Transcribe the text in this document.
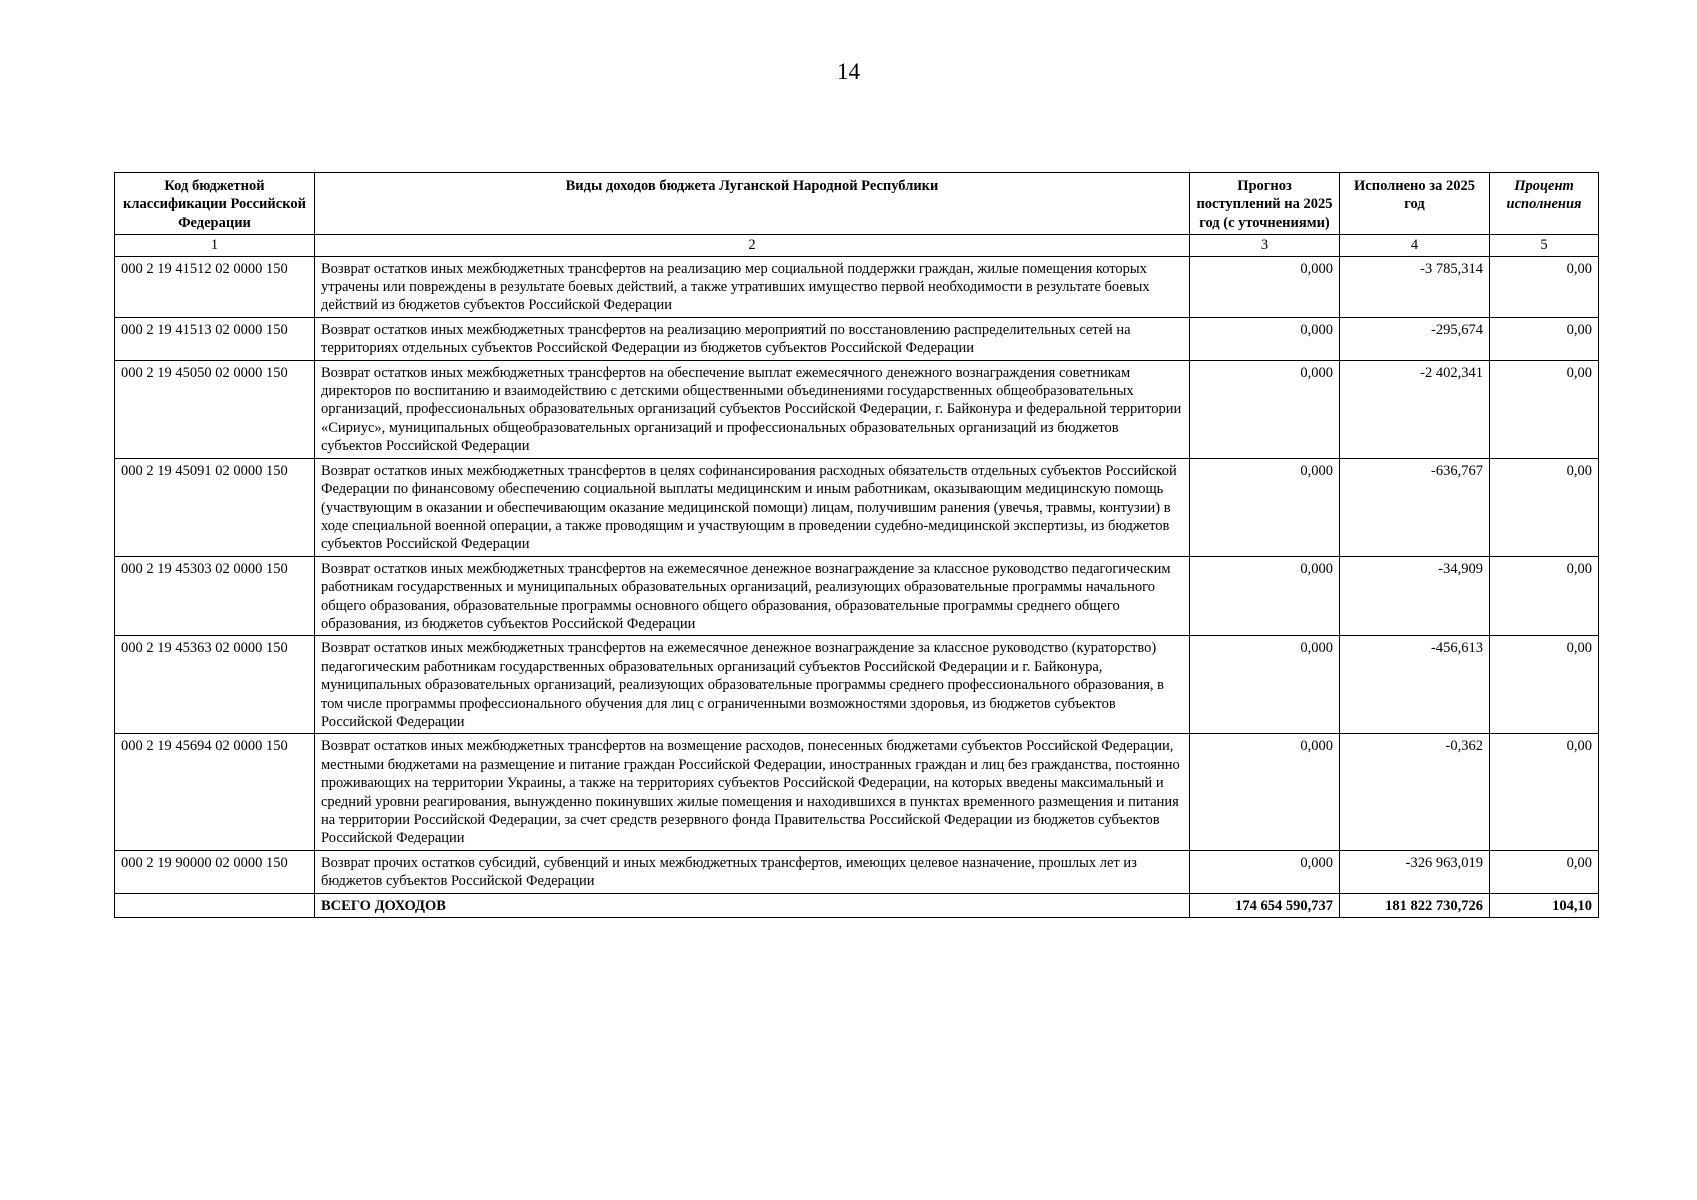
14
Код бюджетной классификации Российской Федерации	Виды доходов бюджета Луганской Народной Республики	Прогноз поступлений на 2025 год (с уточнениями)	Исполнено за 2025 год	Процент исполнения
1	2	3	4	5
000 2 19 41512 02 0000 150	Возврат остатков иных межбюджетных трансфертов на реализацию мер социальной поддержки граждан, жилые помещения которых утрачены или повреждены в результате боевых действий, а также утративших имущество первой необходимости в результате боевых действий из бюджетов субъектов Российской Федерации	0,000	-3 785,314	0,00
000 2 19 41513 02 0000 150	Возврат остатков иных межбюджетных трансфертов на реализацию мероприятий по восстановлению распределительных сетей на территориях отдельных субъектов Российской Федерации из бюджетов субъектов Российской Федерации	0,000	-295,674	0,00
000 2 19 45050 02 0000 150	Возврат остатков иных межбюджетных трансфертов на обеспечение выплат ежемесячного денежного вознаграждения советникам директоров по воспитанию и взаимодействию с детскими общественными объединениями государственных общеобразовательных организаций, профессиональных образовательных организаций субъектов Российской Федерации, г. Байконура и федеральной территории «Сириус», муниципальных общеобразовательных организаций и профессиональных образовательных организаций из бюджетов субъектов Российской Федерации	0,000	-2 402,341	0,00
000 2 19 45091 02 0000 150	Возврат остатков иных межбюджетных трансфертов в целях софинансирования расходных обязательств отдельных субъектов Российской Федерации по финансовому обеспечению социальной выплаты медицинским и иным работникам, оказывающим медицинскую помощь (участвующим в оказании и обеспечивающим оказание медицинской помощи) лицам, получившим ранения (увечья, травмы, контузии) в ходе специальной военной операции, а также проводящим и участвующим в проведении судебно-медицинской экспертизы, из бюджетов субъектов Российской Федерации	0,000	-636,767	0,00
000 2 19 45303 02 0000 150	Возврат остатков иных межбюджетных трансфертов на ежемесячное денежное вознаграждение за классное руководство педагогическим работникам государственных и муниципальных образовательных организаций, реализующих образовательные программы начального общего образования, образовательные программы основного общего образования, образовательные программы среднего общего образования, из бюджетов субъектов Российской Федерации	0,000	-34,909	0,00
000 2 19 45363 02 0000 150	Возврат остатков иных межбюджетных трансфертов на ежемесячное денежное вознаграждение за классное руководство (кураторство) педагогическим работникам государственных образовательных организаций субъектов Российской Федерации и г. Байконура, муниципальных образовательных организаций, реализующих образовательные программы среднего профессионального образования, в том числе программы профессионального обучения для лиц с ограниченными возможностями здоровья, из бюджетов субъектов Российской Федерации	0,000	-456,613	0,00
000 2 19 45694 02 0000 150	Возврат остатков иных межбюджетных трансфертов на возмещение расходов, понесенных бюджетами субъектов Российской Федерации, местными бюджетами на размещение и питание граждан Российской Федерации, иностранных граждан и лиц без гражданства, постоянно проживающих на территории Украины, а также на территориях субъектов Российской Федерации, на которых введены максимальный и средний уровни реагирования, вынужденно покинувших жилые помещения и находившихся в пунктах временного размещения и питания на территории Российской Федерации, за счет средств резервного фонда Правительства Российской Федерации из бюджетов субъектов Российской Федерации	0,000	-0,362	0,00
000 2 19 90000 02 0000 150	Возврат прочих остатков субсидий, субвенций и иных межбюджетных трансфертов, имеющих целевое назначение, прошлых лет из бюджетов субъектов Российской Федерации	0,000	-326 963,019	0,00
	ВСЕГО ДОХОДОВ	174 654 590,737	181 822 730,726	104,10
